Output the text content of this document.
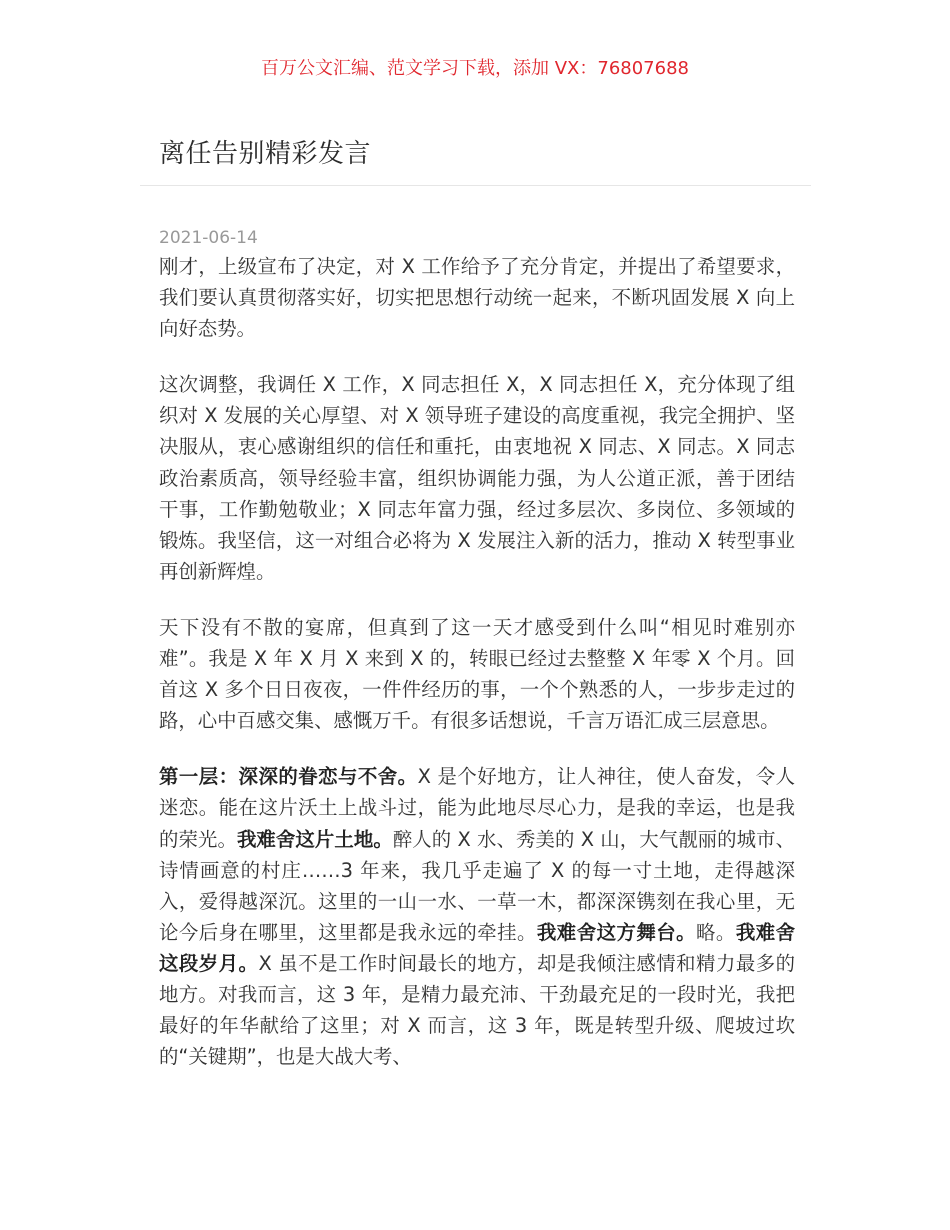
百万公文汇编、范文学习下载，添加 VX：76807688
离任告别精彩发言
2021-06-14

刚才，上级宣布了决定，对 X 工作给予了充分肯定，并提出了希望要求，我们要认真贯彻落实好，切实把思想行动统一起来，不断巩固发展 X 向上向好态势。

这次调整，我调任 X 工作，X 同志担任 X，X 同志担任 X，充分体现了组织对 X 发展的关心厚望、对 X 领导班子建设的高度重视，我完全拥护、坚决服从，衷心感谢组织的信任和重托，由衷地祝 X 同志、X 同志。X 同志政治素质高，领导经验丰富，组织协调能力强，为人公道正派，善于团结干事，工作勤勉敬业；X 同志年富力强，经过多层次、多岗位、多领域的锻炼。我坚信，这一对组合必将为 X 发展注入新的活力，推动 X 转型事业再创新辉煌。

天下没有不散的宴席，但真到了这一天才感受到什么叫“相见时难别亦难”。我是 X 年 X 月 X 来到 X 的，转眼已经过去整整 X 年零 X 个月。回首这 X 多个日日夜夜，一件件经历的事，一个个熟悉的人，一步步走过的路，心中百感交集、感慨万千。有很多话想说，千言万语汇成三层意思。

第一层：深深的眷恋与不舍。X 是个好地方，让人神往，使人奋发，令人迷恋。能在这片沃土上战斗过，能为此地尽尽心力，是我的幸运，也是我的荣光。我难舍这片土地。醉人的 X 水、秀美的 X 山，大气靓丽的城市、诗情画意的村庄……3 年来，我几乎走遍了 X 的每一寸土地，走得越深入，爱得越深沉。这里的一山一水、一草一木，都深深镌刻在我心里，无论今后身在哪里，这里都是我永远的牵挂。我难舍这方舞台。略。我难舍这段岁月。X 虽不是工作时间最长的地方，却是我倾注感情和精力最多的地方。对我而言，这 3 年，是精力最充沛、干劲最充足的一段时光，我把最好的年华献给了这里；对 X 而言，这 3 年，既是转型升级、爬坡过坎的“关键期”，也是大战大考、
